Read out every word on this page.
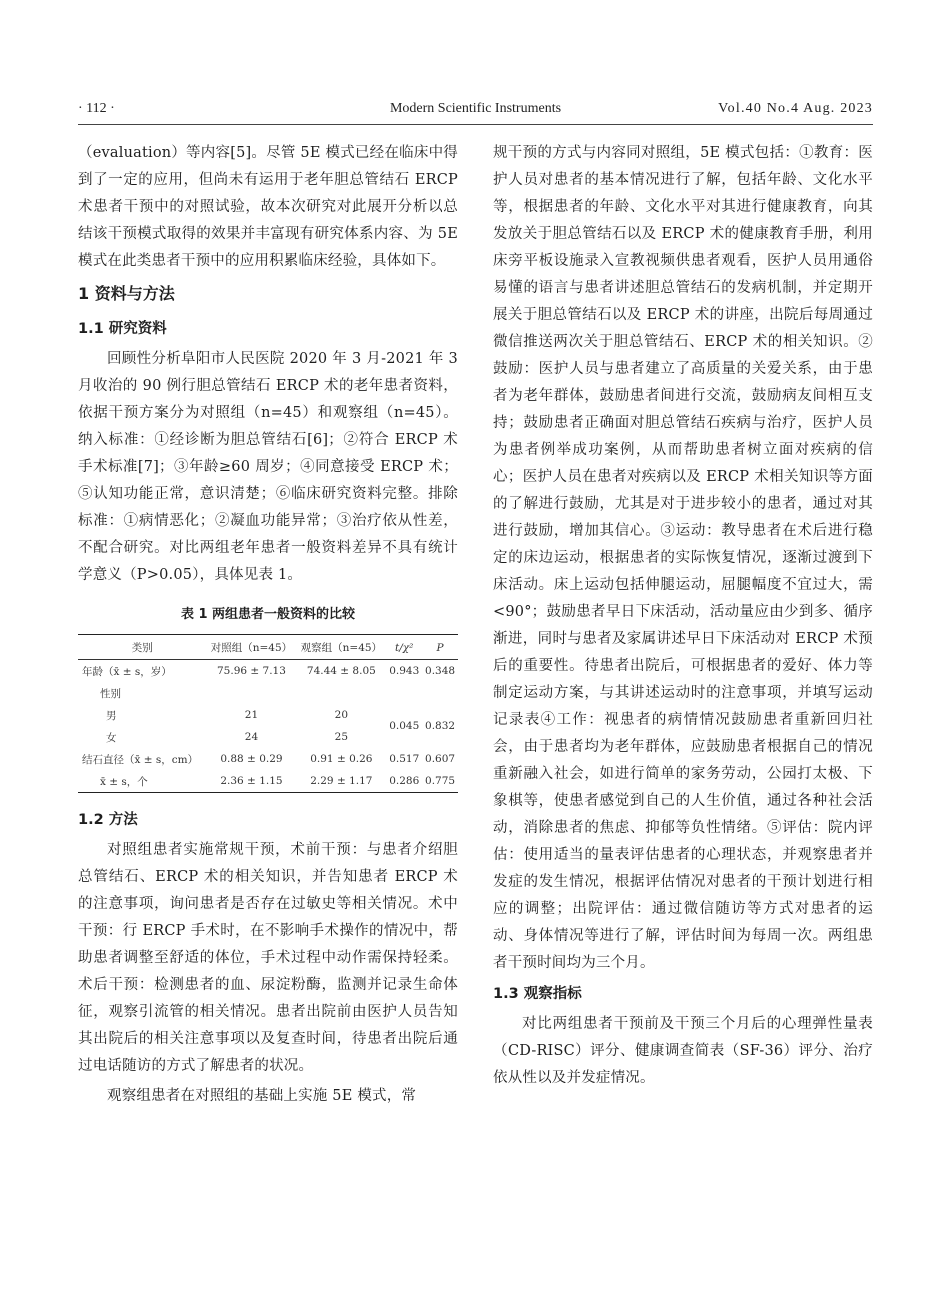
· 112 ·	Modern Scientific Instruments	Vol.40 No.4 Aug. 2023

（evaluation）等内容[5]。尽管 5E 模式已经在临床中得到了一定的应用，但尚未有运用于老年胆总管结石 ERCP 术患者干预中的对照试验，故本次研究对此展开分析以总结该干预模式取得的效果并丰富现有研究体系内容、为 5E 模式在此类患者干预中的应用积累临床经验，具体如下。

1 资料与方法
1.1 研究资料

回顾性分析阜阳市人民医院 2020 年 3 月-2021 年 3 月收治的 90 例行胆总管结石 ERCP 术的老年患者资料，依据干预方案分为对照组（n=45）和观察组（n=45）。纳入标准：①经诊断为胆总管结石[6]；②符合 ERCP 术手术标准[7]；③年龄≥60 周岁；④同意接受 ERCP 术；⑤认知功能正常，意识清楚；⑥临床研究资料完整。排除标准：①病情恶化；②凝血功能异常；③治疗依从性差，不配合研究。对比两组老年患者一般资料差异不具有统计学意义（P>0.05），具体见表 1。

表 1 两组患者一般资料的比较
类别	对照组（n=45）	观察组（n=45）	t/χ²	P
年龄（x̄ ± s，岁）	75.96 ± 7.13	74.44 ± 8.05	0.943	0.348
性别				
男	21	20	0.045	0.832
女	24	25		
结石直径（x̄ ± s，cm）	0.88 ± 0.29	0.91 ± 0.26	0.517	0.607
x̄ ± s，个	2.36 ± 1.15	2.29 ± 1.17	0.286	0.775
1.2 方法

对照组患者实施常规干预，术前干预：与患者介绍胆总管结石、ERCP 术的相关知识，并告知患者 ERCP 术的注意事项，询问患者是否存在过敏史等相关情况。术中干预：行 ERCP 手术时，在不影响手术操作的情况中，帮助患者调整至舒适的体位，手术过程中动作需保持轻柔。术后干预：检测患者的血、尿淀粉酶，监测并记录生命体征，观察引流管的相关情况。患者出院前由医护人员告知其出院后的相关注意事项以及复查时间，待患者出院后通过电话随访的方式了解患者的状况。

观察组患者在对照组的基础上实施 5E 模式，常

规干预的方式与内容同对照组，5E 模式包括：①教育：医护人员对患者的基本情况进行了解，包括年龄、文化水平等，根据患者的年龄、文化水平对其进行健康教育，向其发放关于胆总管结石以及 ERCP 术的健康教育手册，利用床旁平板设施录入宣教视频供患者观看，医护人员用通俗易懂的语言与患者讲述胆总管结石的发病机制，并定期开展关于胆总管结石以及 ERCP 术的讲座，出院后每周通过微信推送两次关于胆总管结石、ERCP 术的相关知识。②鼓励：医护人员与患者建立了高质量的关爱关系，由于患者为老年群体，鼓励患者间进行交流，鼓励病友间相互支持；鼓励患者正确面对胆总管结石疾病与治疗，医护人员为患者例举成功案例，从而帮助患者树立面对疾病的信心；医护人员在患者对疾病以及 ERCP 术相关知识等方面的了解进行鼓励，尤其是对于进步较小的患者，通过对其进行鼓励，增加其信心。③运动：教导患者在术后进行稳定的床边运动，根据患者的实际恢复情况，逐渐过渡到下床活动。床上运动包括伸腿运动，屈腿幅度不宜过大，需<90°；鼓励患者早日下床活动，活动量应由少到多、循序渐进，同时与患者及家属讲述早日下床活动对 ERCP 术预后的重要性。待患者出院后，可根据患者的爱好、体力等制定运动方案，与其讲述运动时的注意事项，并填写运动记录表④工作：视患者的病情情况鼓励患者重新回归社会，由于患者均为老年群体，应鼓励患者根据自己的情况重新融入社会，如进行简单的家务劳动，公园打太极、下象棋等，使患者感觉到自己的人生价值，通过各种社会活动，消除患者的焦虑、抑郁等负性情绪。⑤评估：院内评估：使用适当的量表评估患者的心理状态，并观察患者并发症的发生情况，根据评估情况对患者的干预计划进行相应的调整；出院评估：通过微信随访等方式对患者的运动、身体情况等进行了解，评估时间为每周一次。两组患者干预时间均为三个月。

1.3 观察指标

对比两组患者干预前及干预三个月后的心理弹性量表（CD-RISC）评分、健康调查简表（SF-36）评分、治疗依从性以及并发症情况。
